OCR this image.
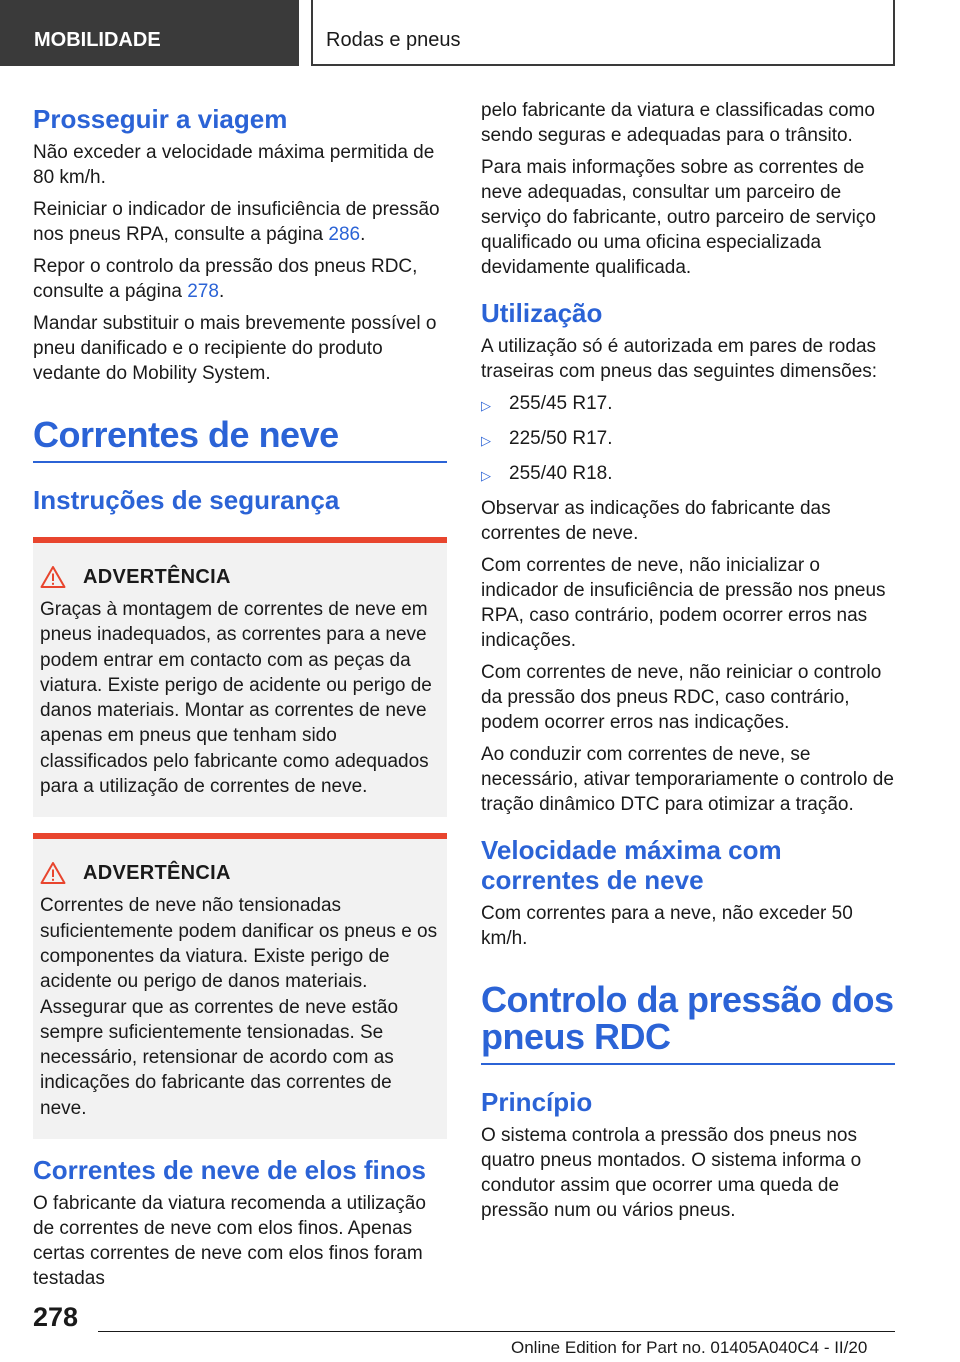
MOBILIDADE	Rodas e pneus
Prosseguir a viagem

Não exceder a velocidade máxima permitida de 80 km/h.

Reiniciar o indicador de insuficiência de pressão nos pneus RPA, consulte a página 286.

Repor o controlo da pressão dos pneus RDC, consulte a página 278.

Mandar substituir o mais brevemente possível o pneu danificado e o recipiente do produto vedante do Mobility System.

Correntes de neve
Instruções de segurança
ADVERTÊNCIA

Graças à montagem de correntes de neve em pneus inadequados, as correntes para a neve podem entrar em contacto com as peças da viatura. Existe perigo de acidente ou perigo de danos materiais. Montar as correntes de neve apenas em pneus que tenham sido classificados pelo fabricante como adequados para a utilização de correntes de neve.

ADVERTÊNCIA

Correntes de neve não tensionadas suficientemente podem danificar os pneus e os componentes da viatura. Existe perigo de acidente ou perigo de danos materiais. Assegurar que as correntes de neve estão sempre suficientemente tensionadas. Se necessário, retensionar de acordo com as indicações do fabricante das correntes de neve.

Correntes de neve de elos finos

O fabricante da viatura recomenda a utilização de correntes de neve com elos finos. Apenas certas correntes de neve com elos finos foram testadas

pelo fabricante da viatura e classificadas como sendo seguras e adequadas para o trânsito.

Para mais informações sobre as correntes de neve adequadas, consultar um parceiro de serviço do fabricante, outro parceiro de serviço qualificado ou uma oficina especializada devidamente qualificada.

Utilização

A utilização só é autorizada em pares de rodas traseiras com pneus das seguintes dimensões:

▷ 255/45 R17.
▷ 225/50 R17.
▷ 255/40 R18.

Observar as indicações do fabricante das correntes de neve.

Com correntes de neve, não inicializar o indicador de insuficiência de pressão nos pneus RPA, caso contrário, podem ocorrer erros nas indicações.

Com correntes de neve, não reiniciar o controlo da pressão dos pneus RDC, caso contrário, podem ocorrer erros nas indicações.

Ao conduzir com correntes de neve, se necessário, ativar temporariamente o controlo de tração dinâmico DTC para otimizar a tração.

Velocidade máxima com correntes de neve

Com correntes para a neve, não exceder 50 km/h.

Controlo da pressão dos pneus RDC
Princípio

O sistema controla a pressão dos pneus nos quatro pneus montados. O sistema informa o condutor assim que ocorrer uma queda de pressão num ou vários pneus.

278
Online Edition for Part no. 01405A040C4 - II/20
